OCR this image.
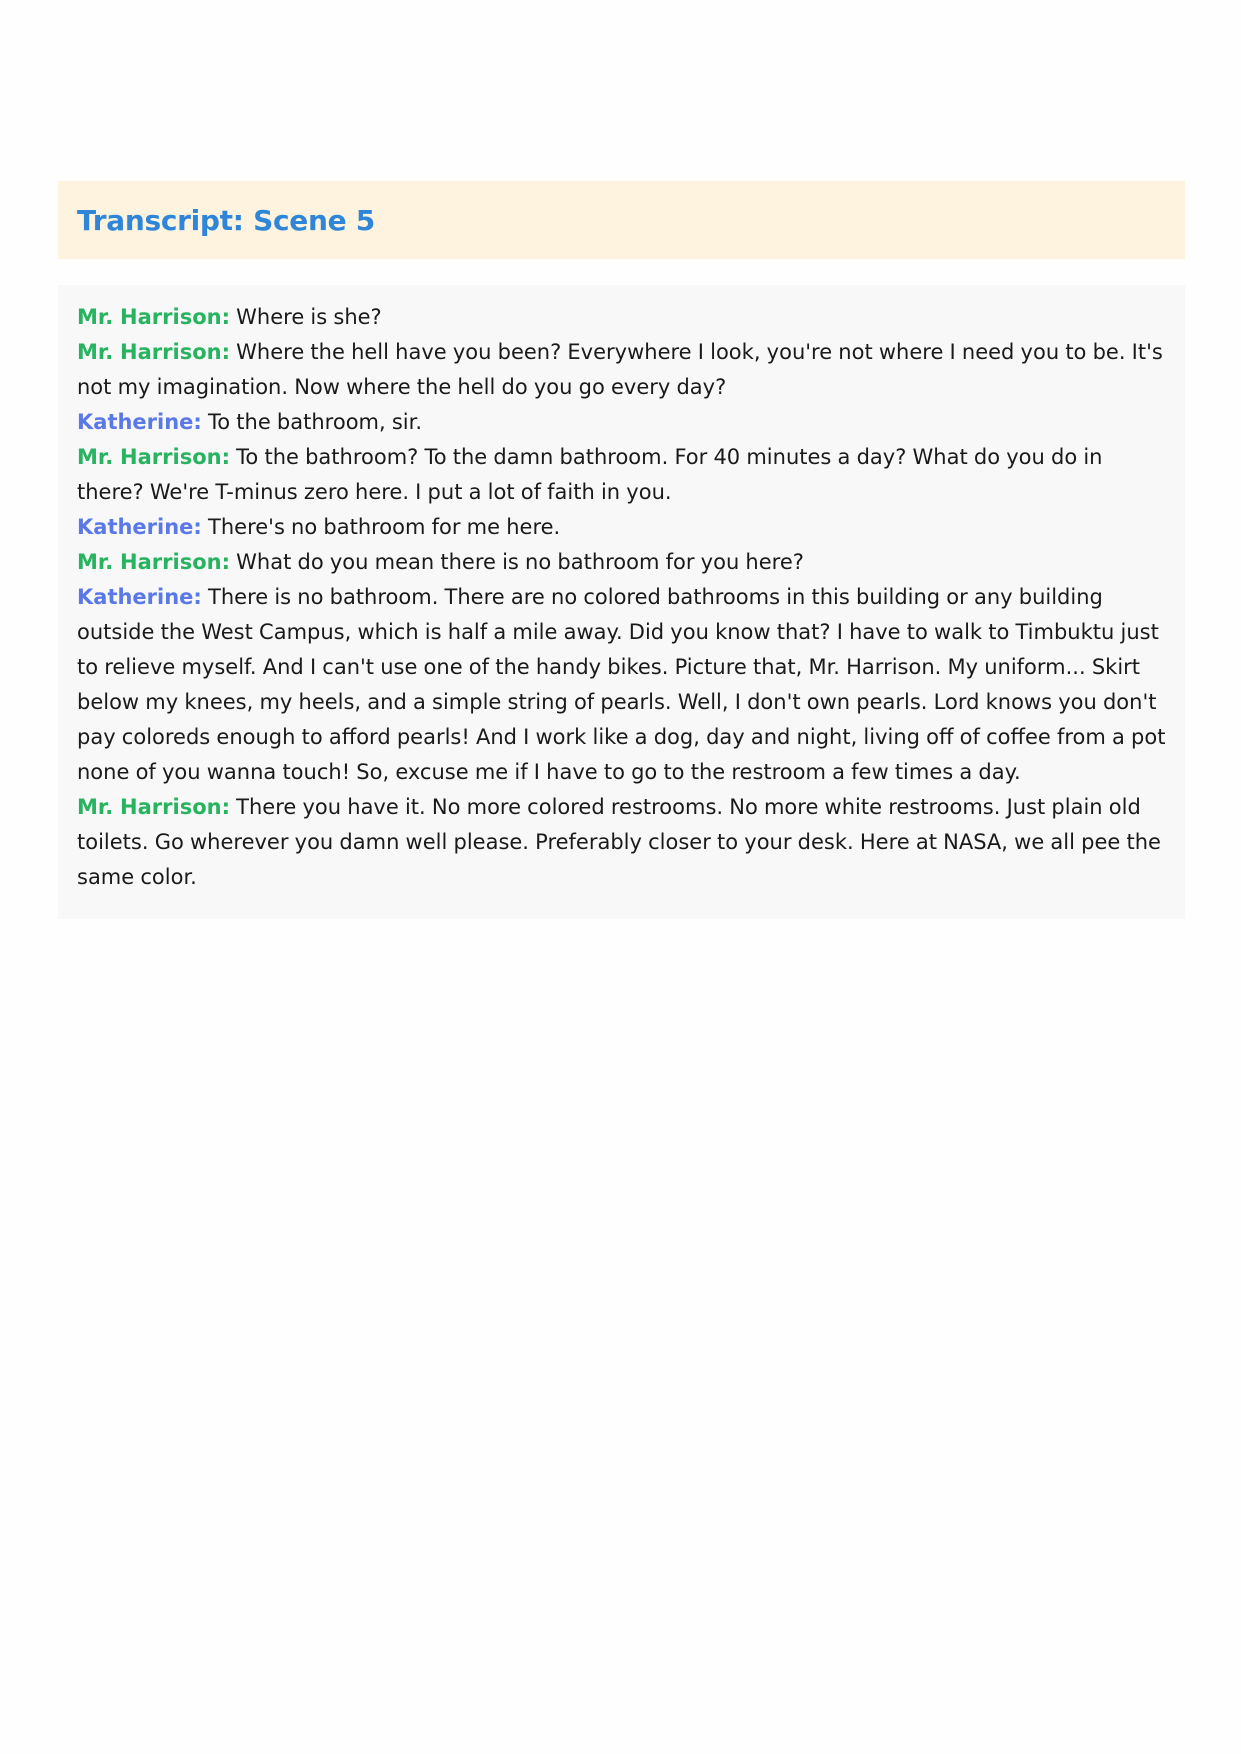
Transcript: Scene 5

Mr. Harrison: Where is she?

Mr. Harrison: Where the hell have you been? Everywhere I look, you're not where I need you to be. It's not my imagination. Now where the hell do you go every day?

Katherine: To the bathroom, sir.

Mr. Harrison: To the bathroom? To the damn bathroom. For 40 minutes a day? What do you do in there? We're T-minus zero here. I put a lot of faith in you.

Katherine: There's no bathroom for me here.

Mr. Harrison: What do you mean there is no bathroom for you here?

Katherine: There is no bathroom. There are no colored bathrooms in this building or any building outside the West Campus, which is half a mile away. Did you know that? I have to walk to Timbuktu just to relieve myself. And I can't use one of the handy bikes. Picture that, Mr. Harrison. My uniform... Skirt below my knees, my heels, and a simple string of pearls. Well, I don't own pearls. Lord knows you don't pay coloreds enough to afford pearls! And I work like a dog, day and night, living off of coffee from a pot none of you wanna touch! So, excuse me if I have to go to the restroom a few times a day.

Mr. Harrison: There you have it. No more colored restrooms. No more white restrooms. Just plain old toilets. Go wherever you damn well please. Preferably closer to your desk. Here at NASA, we all pee the same color.
